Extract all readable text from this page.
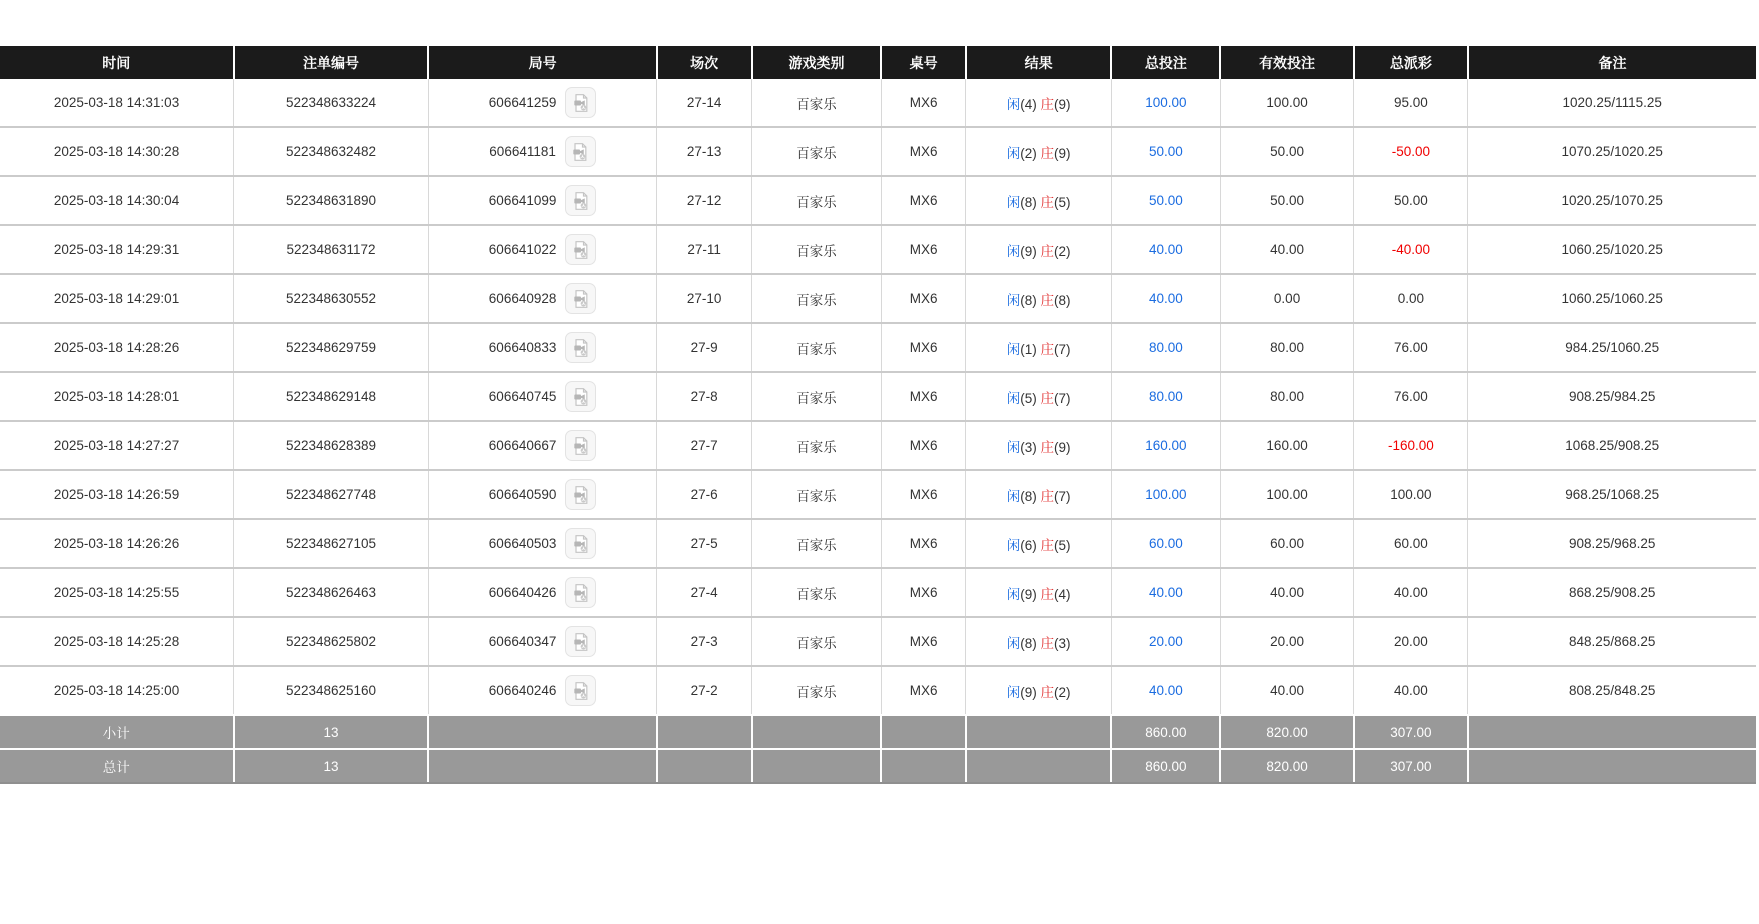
时间	注单编号	局号	场次	游戏类别	桌号	结果	总投注	有效投注	总派彩	备注
2025-03-18 14:31:03	522348633224	606641259	27-14	百家乐	MX6	闲(4) 庄(9)	100.00	100.00	95.00	1020.25/1115.25
2025-03-18 14:30:28	522348632482	606641181	27-13	百家乐	MX6	闲(2) 庄(9)	50.00	50.00	-50.00	1070.25/1020.25
2025-03-18 14:30:04	522348631890	606641099	27-12	百家乐	MX6	闲(8) 庄(5)	50.00	50.00	50.00	1020.25/1070.25
2025-03-18 14:29:31	522348631172	606641022	27-11	百家乐	MX6	闲(9) 庄(2)	40.00	40.00	-40.00	1060.25/1020.25
2025-03-18 14:29:01	522348630552	606640928	27-10	百家乐	MX6	闲(8) 庄(8)	40.00	0.00	0.00	1060.25/1060.25
2025-03-18 14:28:26	522348629759	606640833	27-9	百家乐	MX6	闲(1) 庄(7)	80.00	80.00	76.00	984.25/1060.25
2025-03-18 14:28:01	522348629148	606640745	27-8	百家乐	MX6	闲(5) 庄(7)	80.00	80.00	76.00	908.25/984.25
2025-03-18 14:27:27	522348628389	606640667	27-7	百家乐	MX6	闲(3) 庄(9)	160.00	160.00	-160.00	1068.25/908.25
2025-03-18 14:26:59	522348627748	606640590	27-6	百家乐	MX6	闲(8) 庄(7)	100.00	100.00	100.00	968.25/1068.25
2025-03-18 14:26:26	522348627105	606640503	27-5	百家乐	MX6	闲(6) 庄(5)	60.00	60.00	60.00	908.25/968.25
2025-03-18 14:25:55	522348626463	606640426	27-4	百家乐	MX6	闲(9) 庄(4)	40.00	40.00	40.00	868.25/908.25
2025-03-18 14:25:28	522348625802	606640347	27-3	百家乐	MX6	闲(8) 庄(3)	20.00	20.00	20.00	848.25/868.25
2025-03-18 14:25:00	522348625160	606640246	27-2	百家乐	MX6	闲(9) 庄(2)	40.00	40.00	40.00	808.25/848.25
小计	13						860.00	820.00	307.00	
总计	13						860.00	820.00	307.00	
